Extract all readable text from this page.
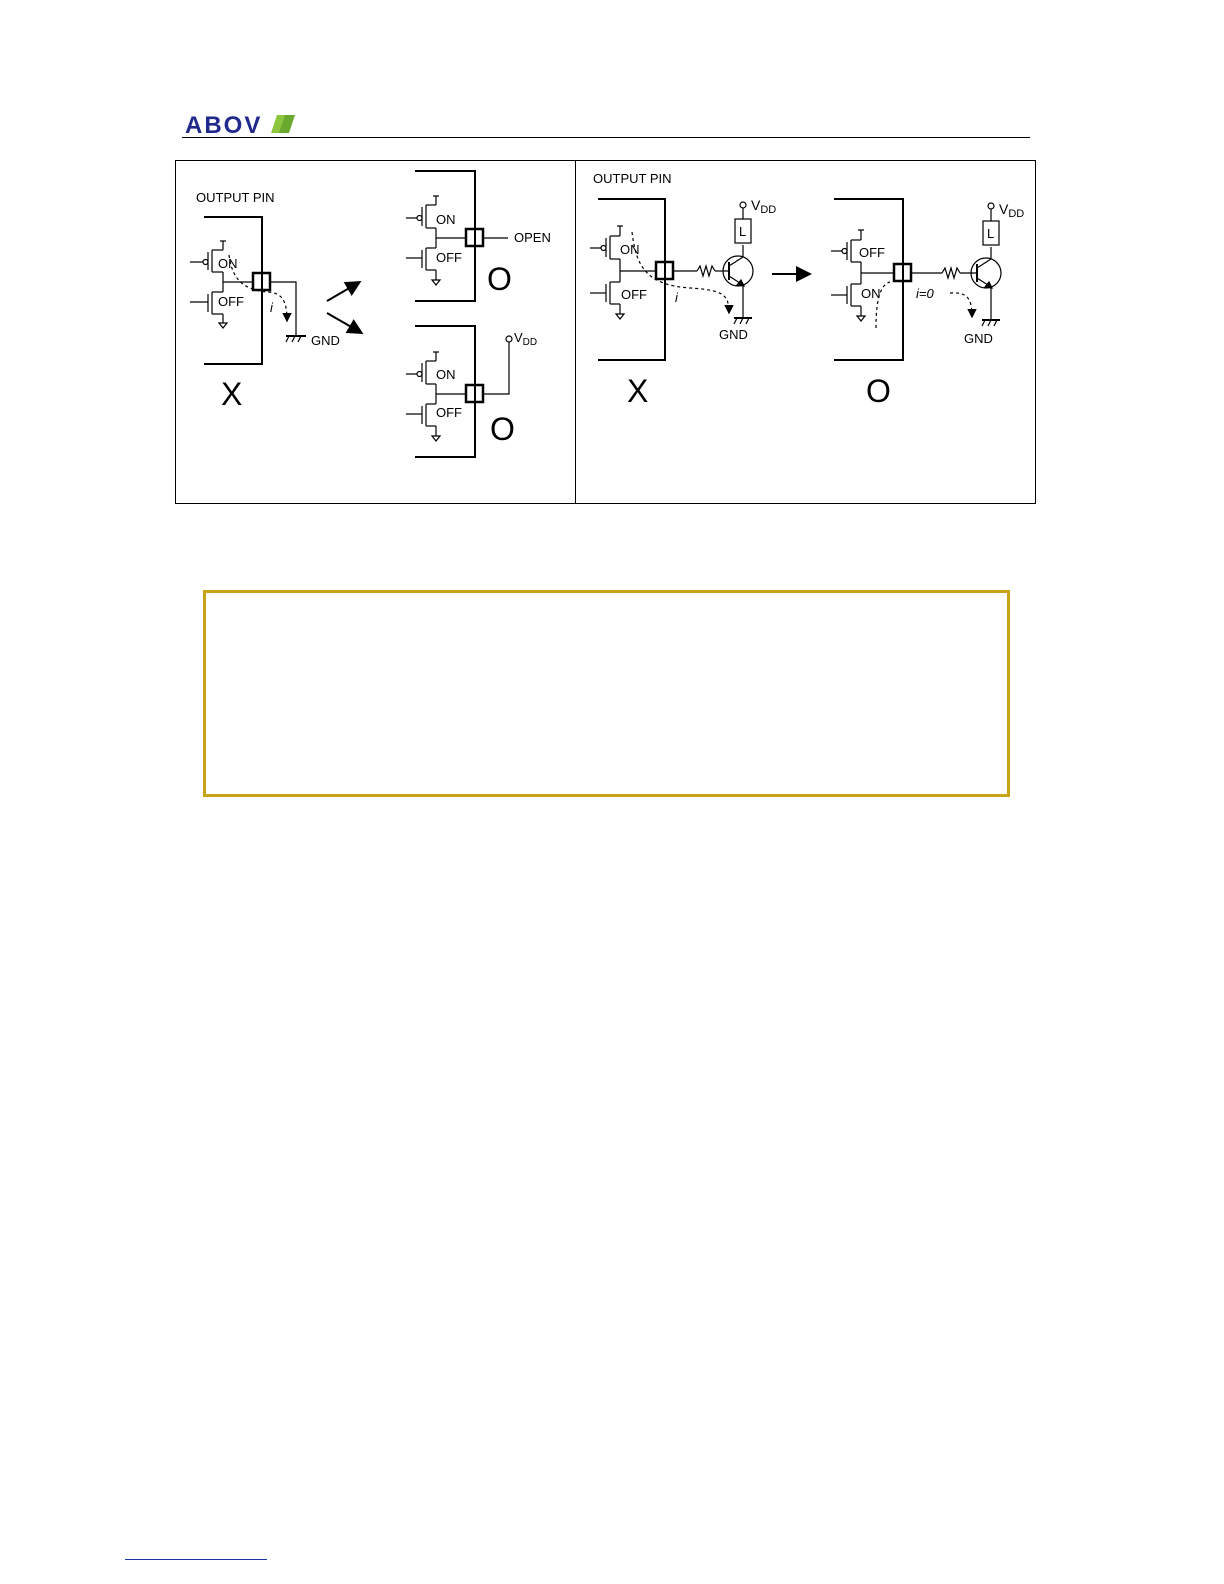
ABOV
OUTPUT PIN
ON
OFF i
GND
X
ON
OFF
OPEN
O
ON
OFF
$V_{DD}$
O
OUTPUT PIN
ON
OFF i
L
$V_{DD}$
GND
X
OFF
ON	i=0
L
$V_{DD}$
GND
O
